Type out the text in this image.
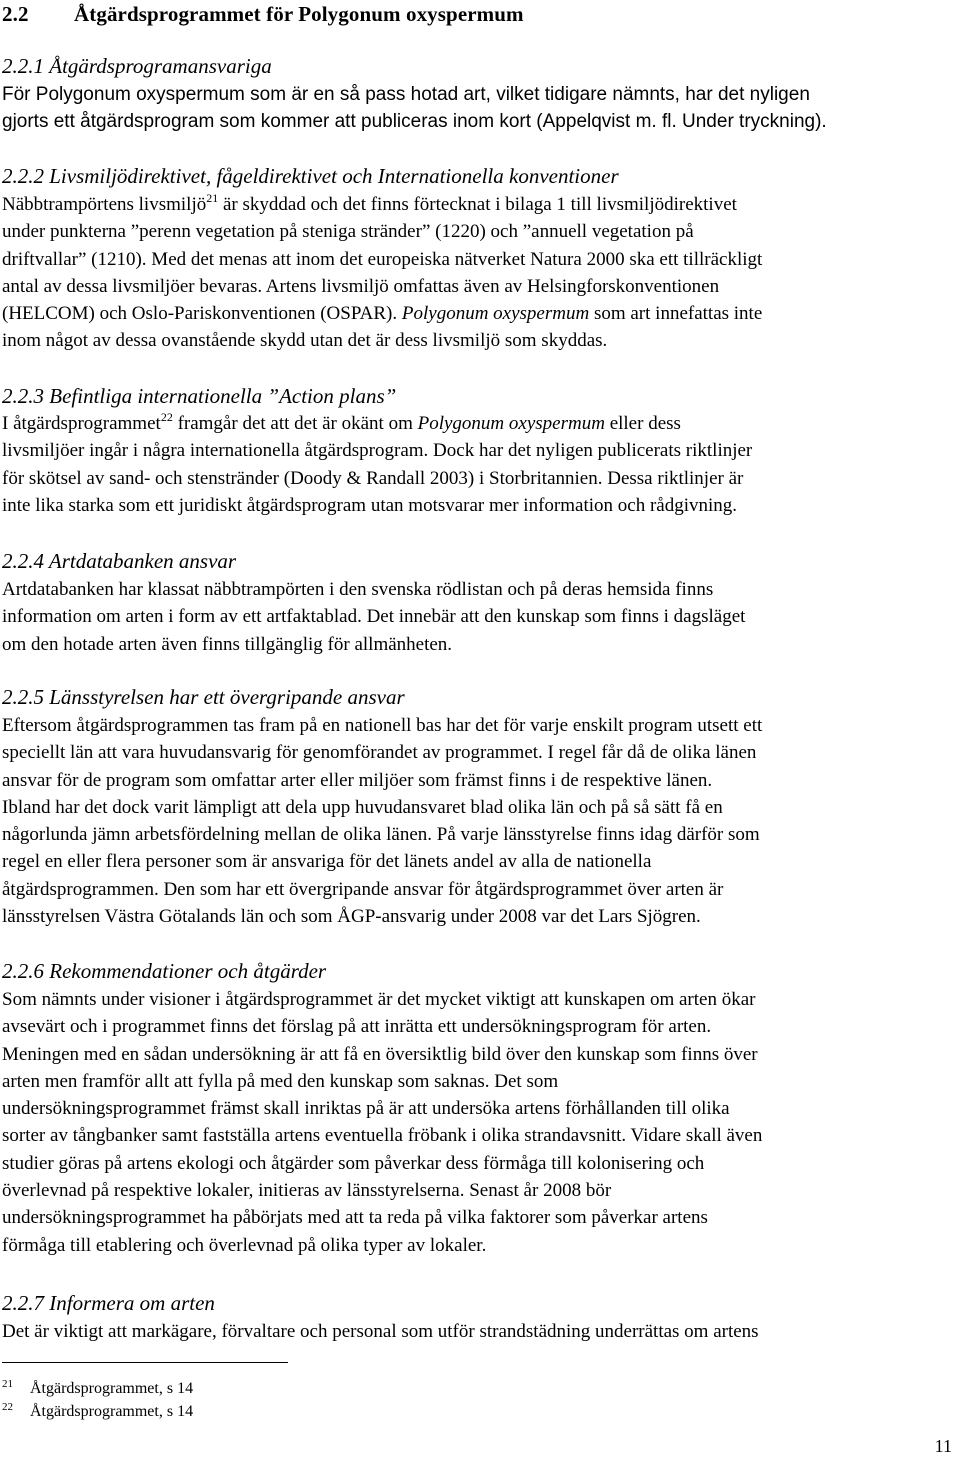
2.2 Åtgärdsprogrammet för Polygonum oxyspermum
2.2.1 Åtgärdsprogramansvariga
För Polygonum oxyspermum som är en så pass hotad art, vilket tidigare nämnts, har det nyligen
gjorts ett åtgärdsprogram som kommer att publiceras inom kort (Appelqvist m. fl. Under tryckning).
2.2.2 Livsmiljödirektivet, fågeldirektivet och Internationella konventioner
Näbbtrampörtens livsmiljö$^{21}$ är skyddad och det finns förtecknat i bilaga 1 till livsmiljödirektivet
under punkterna ”perenn vegetation på steniga stränder” (1220) och ”annuell vegetation på
driftvallar” (1210). Med det menas att inom det europeiska nätverket Natura 2000 ska ett tillräckligt
antal av dessa livsmiljöer bevaras. Artens livsmiljö omfattas även av Helsingforskonventionen
(HELCOM) och Oslo-Pariskonventionen (OSPAR). Polygonum oxyspermum som art innefattas inte
inom något av dessa ovanstående skydd utan det är dess livsmiljö som skyddas.
2.2.3 Befintliga internationella ”Action plans”
I åtgärdsprogrammet$^{22}$ framgår det att det är okänt om Polygonum oxyspermum eller dess
livsmiljöer ingår i några internationella åtgärdsprogram. Dock har det nyligen publicerats riktlinjer
för skötsel av sand- och stenstränder (Doody & Randall 2003) i Storbritannien. Dessa riktlinjer är
inte lika starka som ett juridiskt åtgärdsprogram utan motsvarar mer information och rådgivning.
2.2.4 Artdatabanken ansvar
Artdatabanken har klassat näbbtrampörten i den svenska rödlistan och på deras hemsida finns
information om arten i form av ett artfaktablad. Det innebär att den kunskap som finns i dagsläget
om den hotade arten även finns tillgänglig för allmänheten.
2.2.5 Länsstyrelsen har ett övergripande ansvar
Eftersom åtgärdsprogrammen tas fram på en nationell bas har det för varje enskilt program utsett ett
speciellt län att vara huvudansvarig för genomförandet av programmet. I regel får då de olika länen
ansvar för de program som omfattar arter eller miljöer som främst finns i de respektive länen.
Ibland har det dock varit lämpligt att dela upp huvudansvaret blad olika län och på så sätt få en
någorlunda jämn arbetsfördelning mellan de olika länen. På varje länsstyrelse finns idag därför som
regel en eller flera personer som är ansvariga för det länets andel av alla de nationella
åtgärdsprogrammen. Den som har ett övergripande ansvar för åtgärdsprogrammet över arten är
länsstyrelsen Västra Götalands län och som ÅGP-ansvarig under 2008 var det Lars Sjögren.
2.2.6 Rekommendationer och åtgärder
Som nämnts under visioner i åtgärdsprogrammet är det mycket viktigt att kunskapen om arten ökar
avsevärt och i programmet finns det förslag på att inrätta ett undersökningsprogram för arten.
Meningen med en sådan undersökning är att få en översiktlig bild över den kunskap som finns över
arten men framför allt att fylla på med den kunskap som saknas. Det som
undersökningsprogrammet främst skall inriktas på är att undersöka artens förhållanden till olika
sorter av tångbanker samt fastställa artens eventuella fröbank i olika strandavsnitt. Vidare skall även
studier göras på artens ekologi och åtgärder som påverkar dess förmåga till kolonisering och
överlevnad på respektive lokaler, initieras av länsstyrelserna. Senast år 2008 bör
undersökningsprogrammet ha påbörjats med att ta reda på vilka faktorer som påverkar artens
förmåga till etablering och överlevnad på olika typer av lokaler.
2.2.7 Informera om arten
Det är viktigt att markägare, förvaltare och personal som utför strandstädning underrättas om artens
21 Åtgärdsprogrammet, s 14
22 Åtgärdsprogrammet, s 14
11
